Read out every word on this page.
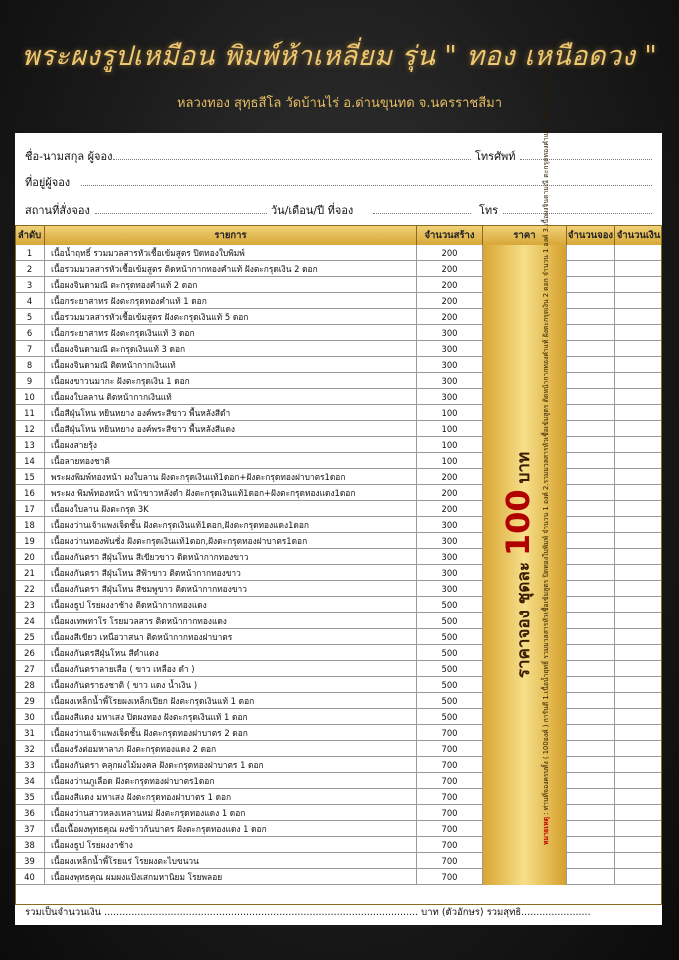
พระผงรูปเหมือน พิมพ์ห้าเหลี่ยม รุ่น " ทอง เหนือดวง "
หลวงทอง สุทฺธสีโล วัดบ้านไร่ อ.ด่านขุนทด จ.นครราชสีมา
ชื่อ-นามสกุล ผู้จอง	โทรศัพท์
ที่อยู่ผู้จอง
สถานที่สั่งจอง	วัน/เดือน/ปี ที่จอง	โทร
ลำดับ	รายการ	จำนวนสร้าง	ราคา	จำนวนจอง จำนวนเงิน
1	เนื้อน้ำฤทธิ์ รวมมวลสารหัวเชื้อเข้มสูตร ปิดทองใบพิมพ์	200
2	เนื้อรวมมวลสารหัวเชื้อเข้มสูตร ติดหน้ากากทองคำแท้ ฝังตะกรุดเงิน 2 ดอก	200
3	เนื้อผงจินดามณี ตะกรุดทองคำแท้ 2 ดอก	200
4	เนื้อกระยาสาทร ฝังตะกรุดทองคำแท้ 1 ดอก	200
5	เนื้อรวมมวลสารหัวเชื้อเข้มสูตร ฝังตะกรุดเงินแท้ 5 ดอก	200
6	เนื้อกระยาสาทร ฝังตะกรุดเงินแท้ 3 ดอก	300
7	เนื้อผงจินดามณี ตะกรุดเงินแท้ 3 ดอก	300
8	เนื้อผงจินดามณี ติดหน้ากากเงินแท้	300
9	เนื้อผงขาวนมากะ ฝังตะกรุดเงิน 1 ดอก	300
10	เนื้อผงใบลลาน ติดหน้ากากเงินแท้	300
11	เนื้อสีฝุ่นโหน หยินหยาง องค์พระสีขาว พื้นหลังสีดำ	100
12	เนื้อสีฝุ่นโหน หยินหยาง องค์พระสีขาว พื้นหลังสีแดง	100
13	เนื้อผงสายรุ้ง	100
14	เนื้อลายทองชาติ	100
15	พระผงพิมพ์ทองหน้า ผงใบลาน ฝังตะกรุดเงินแท้1ดอก+ฝังตะกรุดทองฝาบาตร1ดอก	200
16	พระผง พิมพ์ทองหน้า หน้าขาวหลังดำ ฝังตะกรุดเงินแท้1ดอก+ฝังตะกรุดทองแดง1ดอก	200
17	เนื้อผงใบลาน ฝังตะกรุด 3K	200
18	เนื้อผงว่านเจ้าแพงเจ็ดชั้น ฝังตะกรุดเงินแท้1ดอก,ฝังตะกรุดทองแดง1ดอก	300
19	เนื้อผงว่านทองพันชั่ง ฝังตะกรุดเงินแท้1ดอก,ฝังตะกรุดทองฝาบาตร1ดอก	300
20	เนื้อผงกันตรา สีฝุ่นโหน สีเขียวขาว ติดหน้ากากทองขาว	300
21	เนื้อผงกันตรา สีฝุ่นโหน สีฟ้าขาว ติดหน้ากากทองขาว	300
22	เนื้อผงกันตรา สีฝุ่นโหน สีชมพูขาว ติดหน้ากากทองขาว	300
23	เนื้อผงธูป โรยผงงาช้าง ติดหน้ากากทองแดง	500
24	เนื้อผงเทพทาโร โรยมวลสาร ติดหน้ากากทองแดง	500
25	เนื้อผงสีเขียว เหนือวาสนา ติดหน้ากากทองฝาบาตร	500
26	เนื้อผงกันตรสีฝุ่นโหน สีดำแดง	500
27	เนื้อผงกันตราลายเสือ ( ขาว เหลือง ดำ )	500
28	เนื้อผงกันตราธงชาติ ( ขาว แดง น้ำเงิน )	500
29	เนื้อผงเหล็กน้ำพี้โรยผงเหล็กเปียก ฝังตะกรุดเงินแท้ 1 ดอก	500
30	เนื้อผงสีแดง มหาเสง ปิดผงทอง ฝังตะกรุดเงินแท้ 1 ดอก	500
31	เนื้อผงว่านเจ้าแพงเจ็ดชั้น ฝังตะกรุดทองฝาบาตร 2 ดอก	700
32	เนื้อผงรังต่อมหาลาภ ฝังตะกรุดทองแดง 2 ดอก	700
33	เนื้อผงกันตรา คลุกผงไม้มงคล ฝังตะกรุดทองฝาบาตร 1 ดอก	700
34	เนื้อผงว่านภูเลือด ฝังตะกรุดทองฝาบาตร1ดอก	700
35	เนื้อผงสีแดง มหาเสง ฝังตะกรุดทองฝาบาตร 1 ดอก	700
36	เนื้อผงว่านสาวหลงเหลานหม่ ฝังตะกรุดทองแดง 1 ดอก	700
37	เนื้อเนื้อผงพุทธคุณ ผงข้าวก้นบาตร ฝังตะกรุดทองแดง 1 ดอก	700
38	เนื้อผงธูป โรยผงงาช้าง	700
39	เนื้อผงเหล็กน้ำพี้โรยแร่ โรยผงตะไบขนวน	700
40	เนื้อผงพุทธคุณ ผมผงแป้งเสกมหานิยม โรยพลอย	700
ราคาจอง ชุดละ 100 บาท
หมายเหตุ : ท่านที่จองครบทั้ง ( 100องค์ ) การันตี 1.เนื้อน้ำฤทธิ์ รวมมวลสารหัวเชื้อเข้มสูตร ปิดทองใบพิมพ์ จำนวน 1 องค์ 2.รวมมวลสารหัวเชื้อเข้มสูตร ติดหน้ากากทองคำแท้ ฝังตะกรุดเงิน 2 ดอก จำนวน 1 องค์ 3.เนื้อผงจินดามณี ตะกรุดทองคำแท้ 2 ดอก จำนวน 1 องค์
รวมเป็นจำนวนเงิน ........................................................................................................ บาท (ตัวอักษร) รวมสุทธิ.......................
